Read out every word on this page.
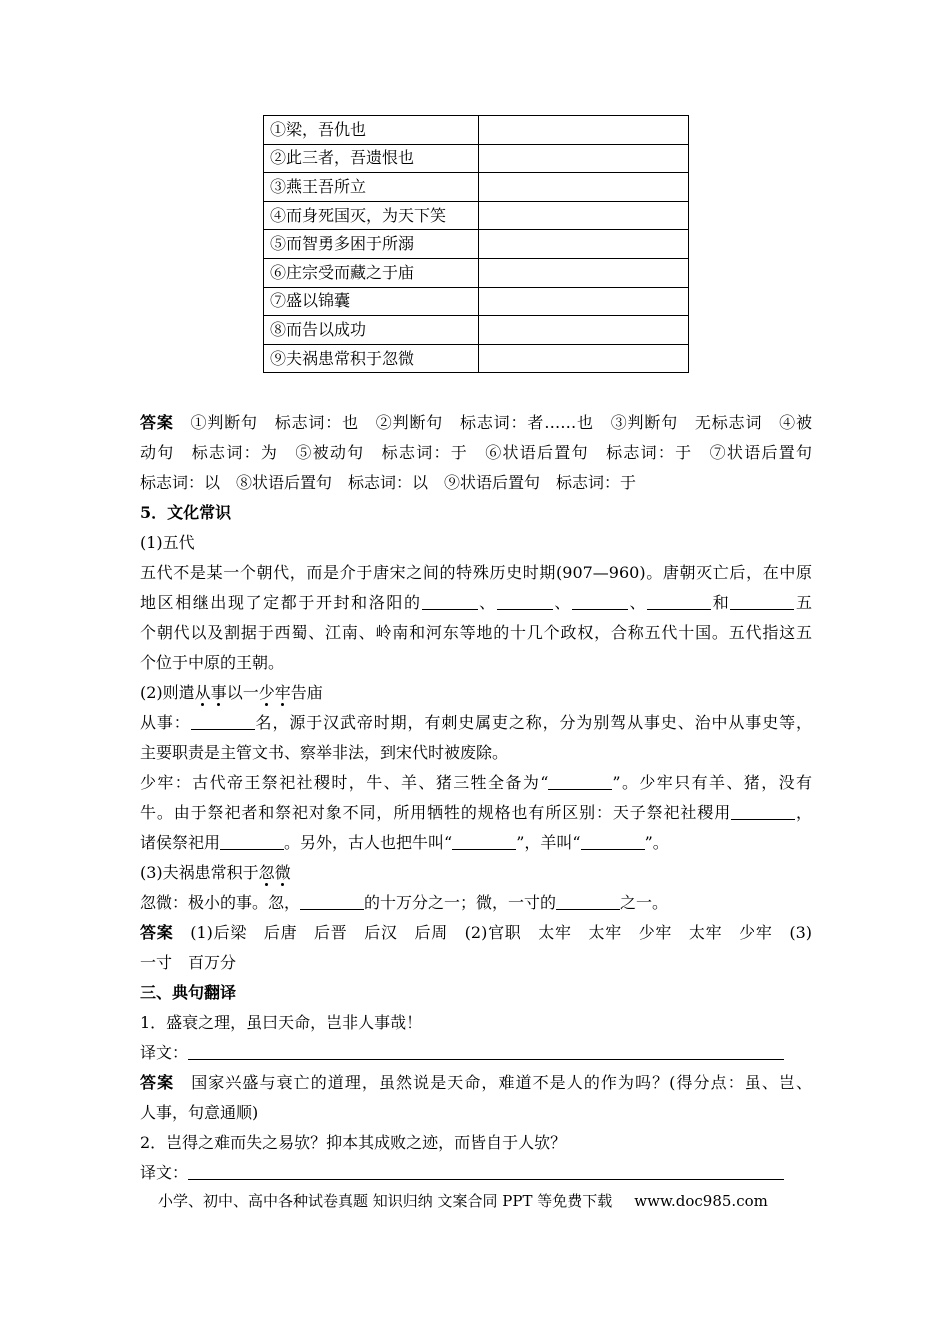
①梁，吾仇也	
②此三者，吾遗恨也	
③燕王吾所立	
④而身死国灭，为天下笑	
⑤而智勇多困于所溺	
⑥庄宗受而藏之于庙	
⑦盛以锦囊	
⑧而告以成功	
⑨夫祸患常积于忽微	
答案　 ①判断句　标志词：也　②判断句　标志词：者……也　③判断句　无标志词　④被
动句　标志词：为　⑤被动句　标志词：于　⑥状语后置句　标志词：于　⑦状语后置句
标志词：以　⑧状语后置句　标志词：以　⑨状语后置句　标志词：于
5．文化常识
(1)五代
五代不是某一个朝代，而是介于唐宋之间的特殊历史时期(907—960)。唐朝灭亡后，在中原
地区相继出现了定都于开封和洛阳的	、	、	、	和	五
个朝代以及割据于西蜀、江南、岭南和河东等地的十几个政权，合称五代十国。五代指这五
个位于中原的王朝。
(2)则遣从事以一少牢告庙
从事：	名，源于汉武帝时期，有刺史属吏之称，分为别驾从事史、治中从事史等，
主要职责是主管文书、察举非法，到宋代时被废除。
少牢：古代帝王祭祀社稷时，牛、羊、猪三牲全备为“	”。少牢只有羊、猪，没有
牛。由于祭祀者和祭祀对象不同，所用牺牲的规格也有所区别：天子祭祀社稷用	，
诸侯祭祀用	。另外，古人也把牛叫“	”，羊叫“	”。
(3)夫祸患常积于忽微
忽微：极小的事。忽，	的十万分之一；微，一寸的	之一。
答案　 (1)后梁　后唐　后晋　后汉　后周　(2)官职　太牢　太牢　少牢　太牢　少牢　(3)
一寸　百万分
三、典句翻译
1．盛衰之理，虽曰天命，岂非人事哉！
译文：
答案　 国家兴盛与衰亡的道理，虽然说是天命，难道不是人的作为吗？(得分点：虽、岂、
人事，句意通顺)
2．岂得之难而失之易欤？抑本其成败之迹，而皆自于人欤？
译文：
小学、初中、高中各种试卷真题 知识归纳 文案合同 PPT 等免费下载 www.doc985.com
